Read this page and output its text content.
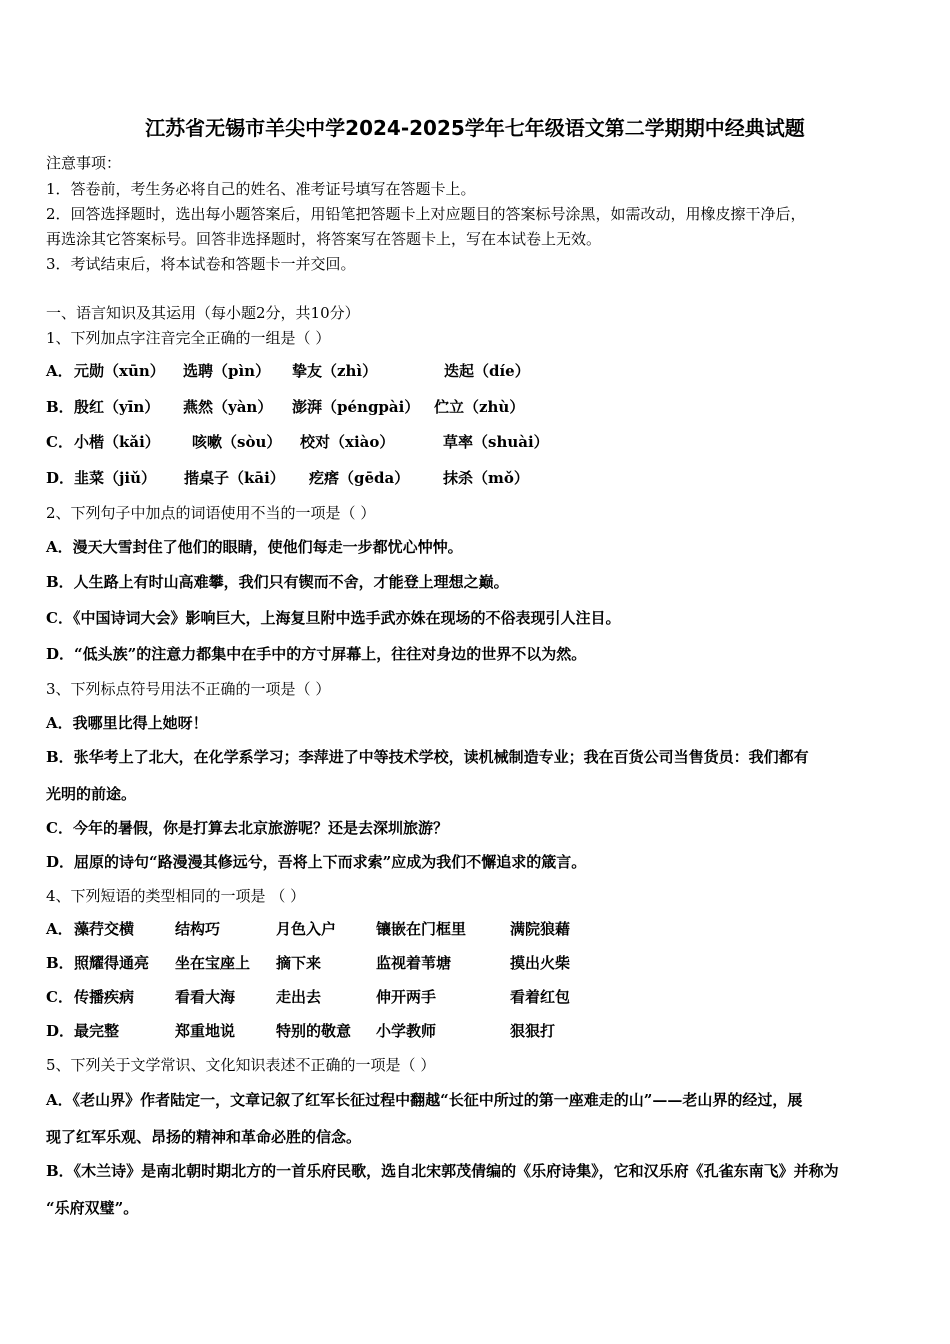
江苏省无锡市羊尖中学2024-2025学年七年级语文第二学期期中经典试题
注意事项：
1．答卷前，考生务必将自己的姓名、准考证号填写在答题卡上。
2．回答选择题时，选出每小题答案后，用铅笔把答题卡上对应题目的答案标号涂黑，如需改动，用橡皮擦干净后，
再选涂其它答案标号。回答非选择题时，将答案写在答题卡上，写在本试卷上无效。
3．考试结束后，将本试卷和答题卡一并交回。
一、语言知识及其运用（每小题2分，共10分）
1、下列加点字注音完全正确的一组是（ ）
A． 元勋（xūn） 选聘（pìn） 挚友（zhì）	迭起（díe）
B． 殷红（yīn） 燕然（yàn） 澎湃（péngpài） 伫立（zhù）
C． 小楷（kǎi） 咳嗽（sòu） 校对（xiào）	草率（shuài）
D． 韭菜（jiǔ） 揩桌子（kāi） 疙瘩（gēda） 抹杀（mǒ）
2、下列句子中加点的词语使用不当的一项是（ ）
A．漫天大雪封住了他们的眼睛，使他们每走一步都忧心忡忡。
B．人生路上有时山高难攀，我们只有锲而不舍，才能登上理想之巅。
C．《中国诗词大会》影响巨大，上海复旦附中选手武亦姝在现场的不俗表现引人注目。
D．“低头族”的注意力都集中在手中的方寸屏幕上，往往对身边的世界不以为然。
3、下列标点符号用法不正确的一项是（ ）
A．我哪里比得上她呀！
B．张华考上了北大，在化学系学习；李萍进了中等技术学校，读机械制造专业；我在百货公司当售货员：我们都有
光明的前途。
C．今年的暑假，你是打算去北京旅游呢？还是去深圳旅游？
D．屈原的诗句“路漫漫其修远兮，吾将上下而求索”应成为我们不懈追求的箴言。
4、下列短语的类型相同的一项是 （ ）
A． 藻荇交横	结构巧	月色入户	镶嵌在门框里	满院狼藉
B． 照耀得通亮 坐在宝座上 摘下来	监视着苇塘	摸出火柴
C． 传播疾病	看看大海	走出去	伸开两手	看着红包
D． 最完整	郑重地说	特别的敬意 小学教师	狠狠打
5、下列关于文学常识、文化知识表述不正确的一项是（ ）
A．《老山界》作者陆定一，文章记叙了红军长征过程中翻越“长征中所过的第一座难走的山”——老山界的经过，展
现了红军乐观、昂扬的精神和革命必胜的信念。
B．《木兰诗》是南北朝时期北方的一首乐府民歌，选自北宋郭茂倩编的《乐府诗集》，它和汉乐府《孔雀东南飞》并称为
“乐府双璧”。
